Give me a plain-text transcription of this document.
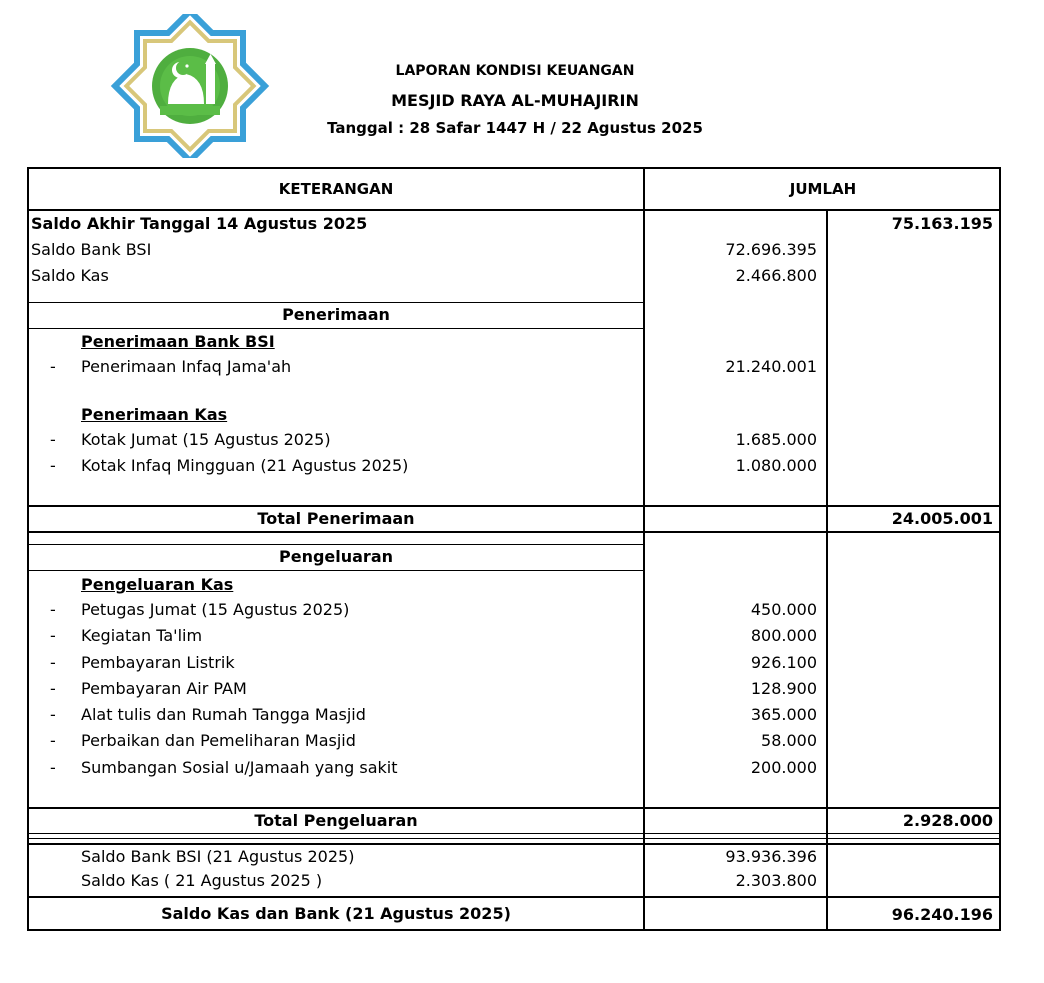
LAPORAN KONDISI KEUANGAN
MESJID RAYA AL-MUHAJIRIN
Tanggal : 28 Safar 1447 H / 22 Agustus 2025
KETERANGAN	JUMLAH
Saldo Akhir Tanggal 14 Agustus 2025	75.163.195
Saldo Bank BSI	72.696.395
Saldo Kas	2.466.800
Penerimaan
Penerimaan Bank BSI
- Penerimaan Infaq Jama'ah	21.240.001
Penerimaan Kas
- Kotak Jumat (15 Agustus 2025)	1.685.000
- Kotak Infaq Mingguan (21 Agustus 2025)	1.080.000
Total Penerimaan	24.005.001
Pengeluaran
Pengeluaran Kas
- Petugas Jumat (15 Agustus 2025)	450.000
- Kegiatan Ta'lim	800.000
- Pembayaran Listrik	926.100
- Pembayaran Air PAM	128.900
- Alat tulis dan Rumah Tangga Masjid	365.000
- Perbaikan dan Pemeliharan Masjid	58.000
- Sumbangan Sosial u/Jamaah yang sakit	200.000
Total Pengeluaran	2.928.000
Saldo Bank BSI (21 Agustus 2025)	93.936.396
Saldo Kas ( 21 Agustus 2025 )	2.303.800
Saldo Kas dan Bank (21 Agustus 2025)	96.240.196
